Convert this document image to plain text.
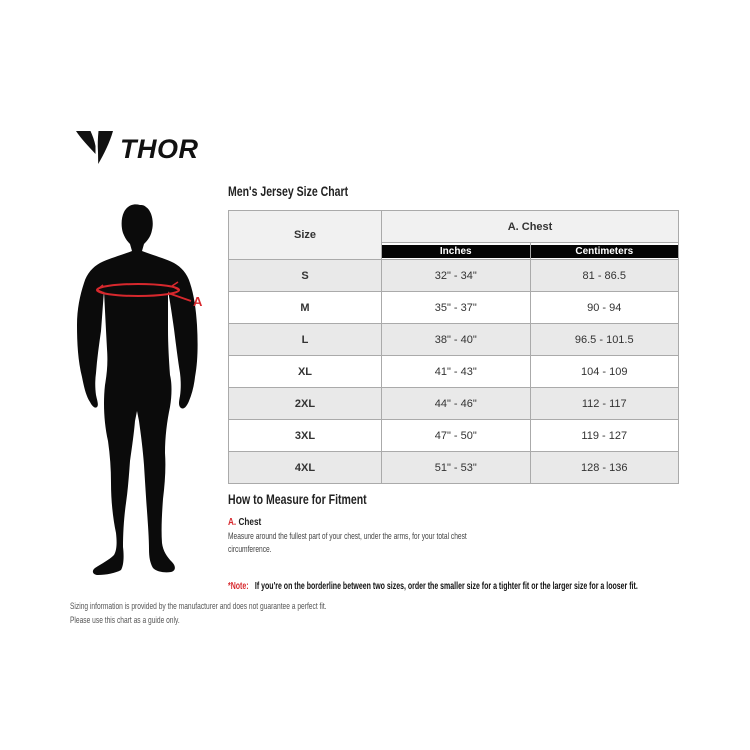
THOR
A
Men's Jersey Size Chart
Size	A. Chest	

	Inches	Centimeters

S	32" - 34"	81 - 86.5
M	35" - 37"	90 - 94
L	38" - 40"	96.5 - 101.5
XL	41" - 43"	104 - 109
2XL	44" - 46"	112 - 117
3XL	47" - 50"	119 - 127
4XL	51" - 53"	128 - 136
How to Measure for Fitment
A. Chest
Measure around the fullest part of your chest, under the arms, for your total chest circumference.
*Note: If you're on the borderline between two sizes, order the smaller size for a tighter fit or the larger size for a looser fit.
Sizing information is provided by the manufacturer and does not guarantee a perfect fit.
Please use this chart as a guide only.
